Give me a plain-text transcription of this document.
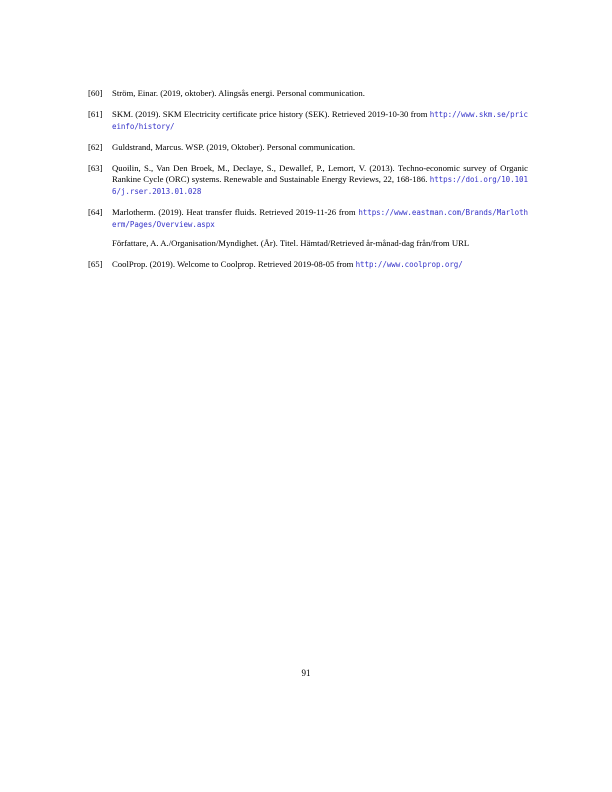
[60]	Ström, Einar. (2019, oktober). Alingsås energi. Personal communication.

[61]	SKM. (2019). SKM Electricity certificate price history (SEK). Retrieved 2019-10-30 from http://www.skm.se/priceinfo/history/

[62]	Guldstrand, Marcus. WSP. (2019, Oktober). Personal communication.

[63]	Quoilin, S., Van Den Broek, M., Declaye, S., Dewallef, P., Lemort, V. (2013). Techno-economic survey of Organic Rankine Cycle (ORC) systems. Renewable and Sustainable Energy Reviews, 22, 168-186. https://doi.org/10.1016/j.rser.2013.01.028

[64]	Marlotherm. (2019). Heat transfer fluids. Retrieved 2019-11-26 from https://www.eastman.com/Brands/Marlotherm/Pages/Overview.aspx

Författare, A. A./Organisation/Myndighet. (År). Titel. Hämtad/Retrieved år-månad-dag från/from URL

[65]	CoolProp. (2019). Welcome to Coolprop. Retrieved 2019-08-05 from http://www.coolprop.org/

91
